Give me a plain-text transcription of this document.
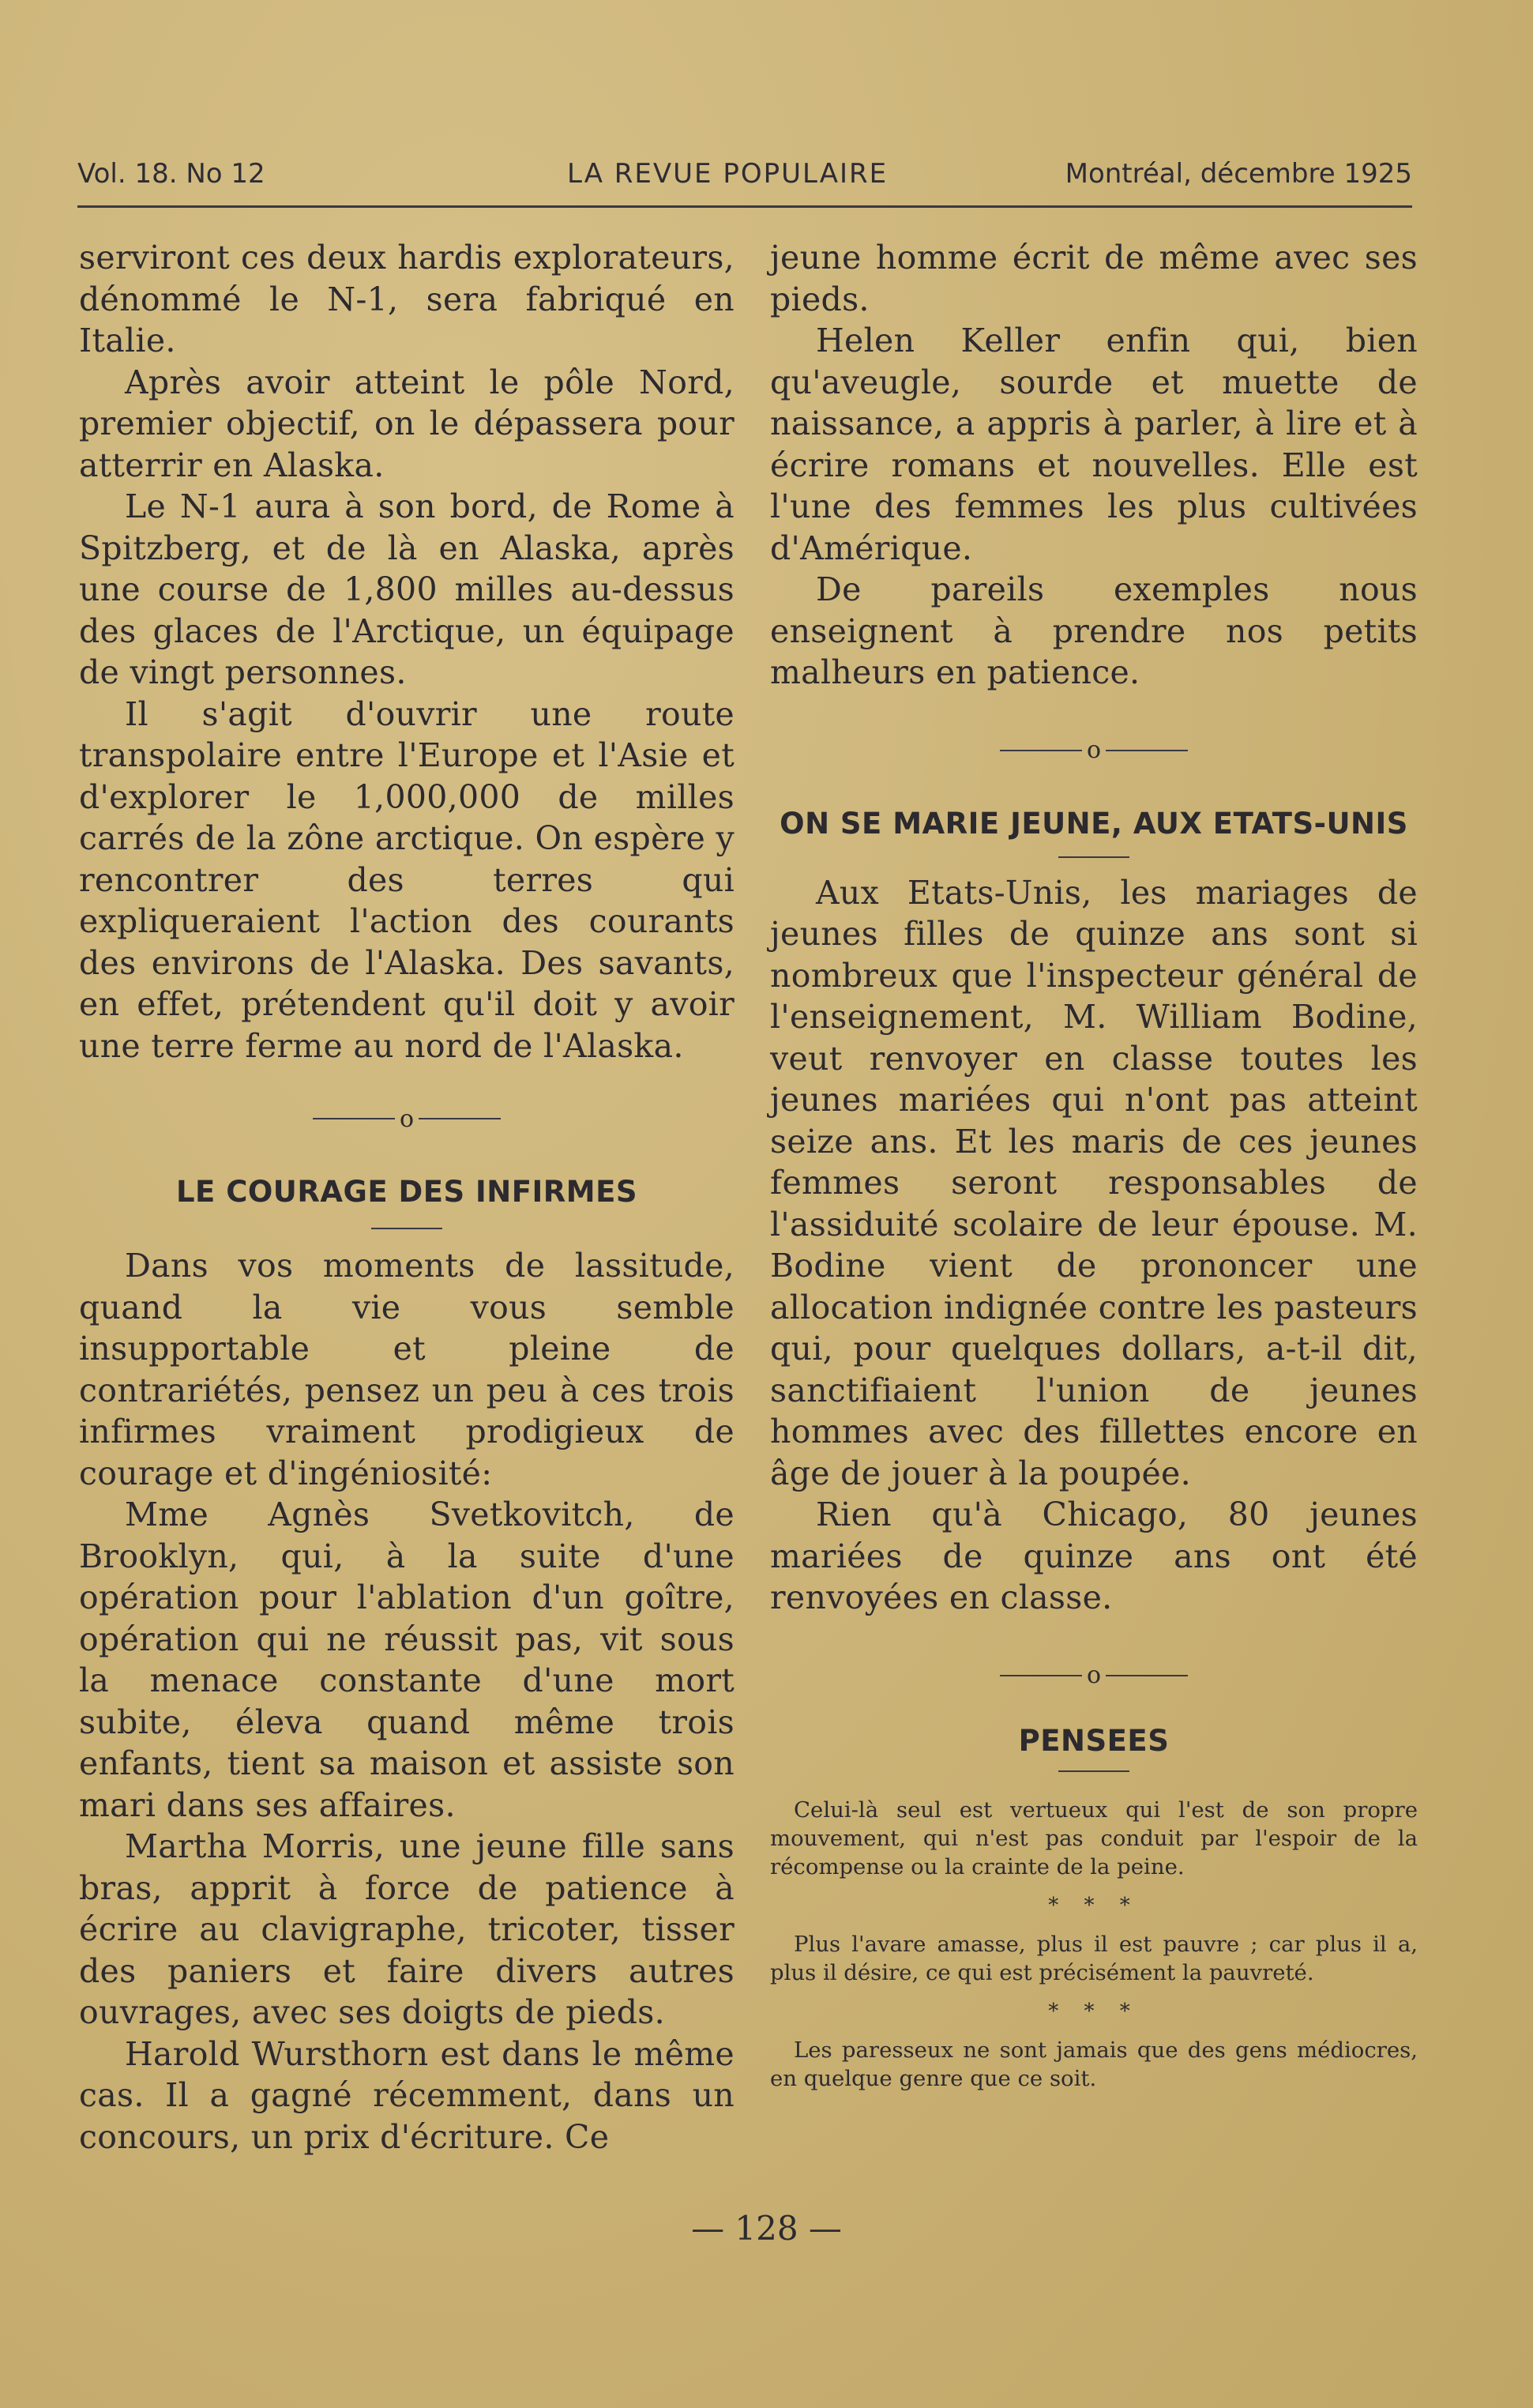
Vol. 18. No 12	LA REVUE POPULAIRE	Montréal, décembre 1925

serviront ces deux hardis explorateurs, dénommé le N-1, sera fabriqué en Italie.

Après avoir atteint le pôle Nord, premier objectif, on le dépassera pour atterrir en Alaska.

Le N-1 aura à son bord, de Rome à Spitzberg, et de là en Alaska, après une course de 1,800 milles au-dessus des glaces de l'Arctique, un équipage de vingt personnes.

Il s'agit d'ouvrir une route transpolaire entre l'Europe et l'Asie et d'explorer le 1,000,000 de milles carrés de la zône arctique. On espère y rencontrer des terres qui expliqueraient l'action des courants des environs de l'Alaska. Des savants, en effet, prétendent qu'il doit y avoir une terre ferme au nord de l'Alaska.

o

LE COURAGE DES INFIRMES

Dans vos moments de lassitude, quand la vie vous semble insupportable et pleine de contrariétés, pensez un peu à ces trois infirmes vraiment prodigieux de courage et d'ingéniosité:

Mme Agnès Svetkovitch, de Brooklyn, qui, à la suite d'une opération pour l'ablation d'un goître, opération qui ne réussit pas, vit sous la menace constante d'une mort subite, éleva quand même trois enfants, tient sa maison et assiste son mari dans ses affaires.

Martha Morris, une jeune fille sans bras, apprit à force de patience à écrire au clavigraphe, tricoter, tisser des paniers et faire divers autres ouvrages, avec ses doigts de pieds.

Harold Wursthorn est dans le même cas. Il a gagné récemment, dans un concours, un prix d'écriture. Ce

jeune homme écrit de même avec ses pieds.

Helen Keller enfin qui, bien qu'aveugle, sourde et muette de naissance, a appris à parler, à lire et à écrire romans et nouvelles. Elle est l'une des femmes les plus cultivées d'Amérique.

De pareils exemples nous enseignent à prendre nos petits malheurs en patience.

o

ON SE MARIE JEUNE, AUX ETATS-UNIS

Aux Etats-Unis, les mariages de jeunes filles de quinze ans sont si nombreux que l'inspecteur général de l'enseignement, M. William Bodine, veut renvoyer en classe toutes les jeunes mariées qui n'ont pas atteint seize ans. Et les maris de ces jeunes femmes seront responsables de l'assiduité scolaire de leur épouse. M. Bodine vient de prononcer une allocation indignée contre les pasteurs qui, pour quelques dollars, a-t-il dit, sanctifiaient l'union de jeunes hommes avec des fillettes encore en âge de jouer à la poupée.

Rien qu'à Chicago, 80 jeunes mariées de quinze ans ont été renvoyées en classe.

o

PENSEES

Celui-là seul est vertueux qui l'est de son propre mouvement, qui n'est pas conduit par l'espoir de la récompense ou la crainte de la peine.

* * *

Plus l'avare amasse, plus il est pauvre ; car plus il a, plus il désire, ce qui est précisément la pauvreté.

* * *

Les paresseux ne sont jamais que des gens médiocres, en quelque genre que ce soit.

— 128 —
